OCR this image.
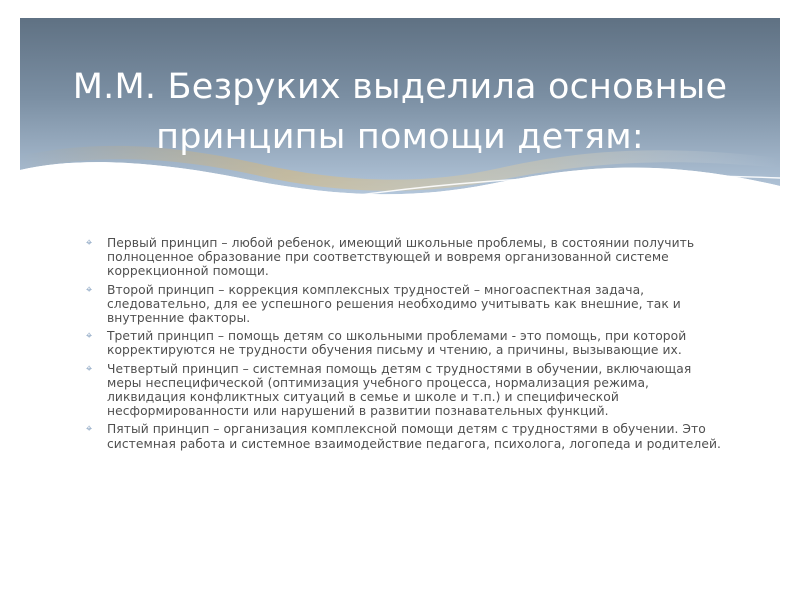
М.М. Безруких выделила основные
принципы помощи детям:
⌖ Первый принцип – любой ребенок, имеющий школьные проблемы, в состоянии получить полноценное образование при соответствующей и вовремя организованной системе коррекционной помощи.
⌖ Второй принцип – коррекция комплексных трудностей – многоаспектная задача, следовательно, для ее успешного решения необходимо учитывать как внешние, так и внутренние факторы.
⌖ Третий принцип – помощь детям со школьными проблемами - это помощь, при которой корректируются не трудности обучения письму и чтению, а причины, вызывающие их.
⌖ Четвертый принцип – системная помощь детям с трудностями в обучении, включающая меры неспецифической (оптимизация учебного процесса, нормализация режима, ликвидация конфликтных ситуаций в семье и школе и т.п.) и специфической несформированности или нарушений в развитии познавательных функций.
⌖ Пятый принцип – организация комплексной помощи детям с трудностями в обучении. Это системная работа и системное взаимодействие педагога, психолога, логопеда и родителей.
